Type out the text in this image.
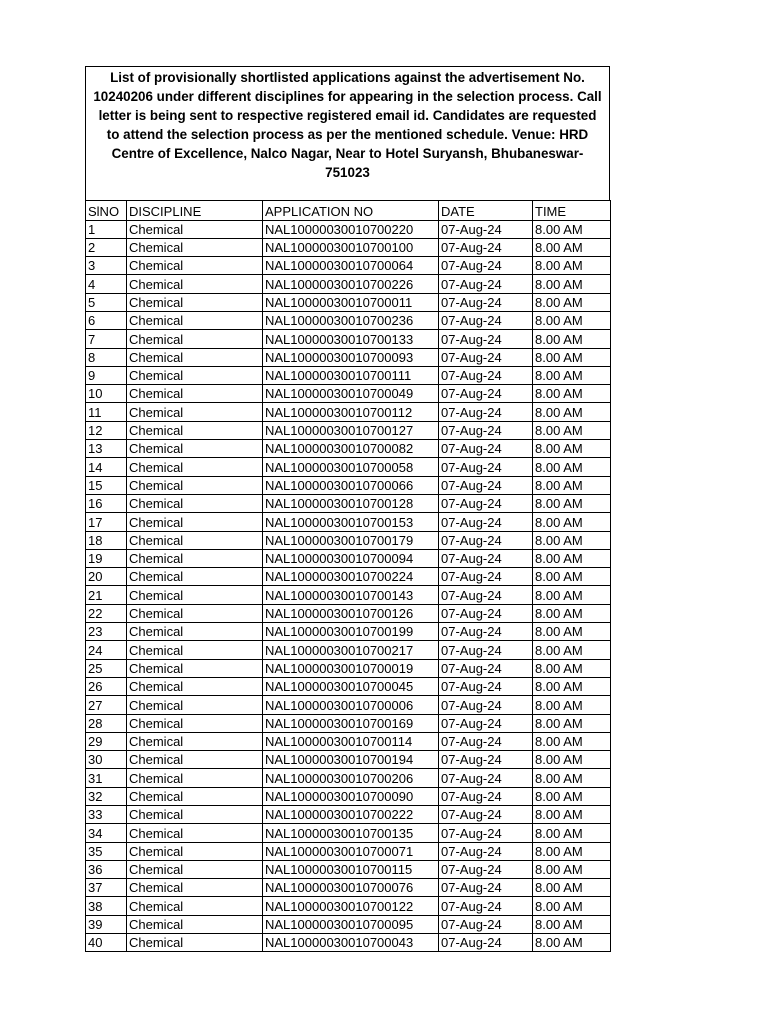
List of provisionally shortlisted applications against the advertisement No. 10240206 under different disciplines for appearing in the selection process. Call letter is being sent to respective registered email id. Candidates are requested to attend the selection process as per the mentioned schedule. Venue: HRD Centre of Excellence, Nalco Nagar, Near to Hotel Suryansh, Bhubaneswar-751023
SlNO	DISCIPLINE	APPLICATION NO	DATE	TIME
1	Chemical	NAL10000030010700220	07-Aug-24	8.00 AM
2	Chemical	NAL10000030010700100	07-Aug-24	8.00 AM
3	Chemical	NAL10000030010700064	07-Aug-24	8.00 AM
4	Chemical	NAL10000030010700226	07-Aug-24	8.00 AM
5	Chemical	NAL10000030010700011	07-Aug-24	8.00 AM
6	Chemical	NAL10000030010700236	07-Aug-24	8.00 AM
7	Chemical	NAL10000030010700133	07-Aug-24	8.00 AM
8	Chemical	NAL10000030010700093	07-Aug-24	8.00 AM
9	Chemical	NAL10000030010700111	07-Aug-24	8.00 AM
10	Chemical	NAL10000030010700049	07-Aug-24	8.00 AM
11	Chemical	NAL10000030010700112	07-Aug-24	8.00 AM
12	Chemical	NAL10000030010700127	07-Aug-24	8.00 AM
13	Chemical	NAL10000030010700082	07-Aug-24	8.00 AM
14	Chemical	NAL10000030010700058	07-Aug-24	8.00 AM
15	Chemical	NAL10000030010700066	07-Aug-24	8.00 AM
16	Chemical	NAL10000030010700128	07-Aug-24	8.00 AM
17	Chemical	NAL10000030010700153	07-Aug-24	8.00 AM
18	Chemical	NAL10000030010700179	07-Aug-24	8.00 AM
19	Chemical	NAL10000030010700094	07-Aug-24	8.00 AM
20	Chemical	NAL10000030010700224	07-Aug-24	8.00 AM
21	Chemical	NAL10000030010700143	07-Aug-24	8.00 AM
22	Chemical	NAL10000030010700126	07-Aug-24	8.00 AM
23	Chemical	NAL10000030010700199	07-Aug-24	8.00 AM
24	Chemical	NAL10000030010700217	07-Aug-24	8.00 AM
25	Chemical	NAL10000030010700019	07-Aug-24	8.00 AM
26	Chemical	NAL10000030010700045	07-Aug-24	8.00 AM
27	Chemical	NAL10000030010700006	07-Aug-24	8.00 AM
28	Chemical	NAL10000030010700169	07-Aug-24	8.00 AM
29	Chemical	NAL10000030010700114	07-Aug-24	8.00 AM
30	Chemical	NAL10000030010700194	07-Aug-24	8.00 AM
31	Chemical	NAL10000030010700206	07-Aug-24	8.00 AM
32	Chemical	NAL10000030010700090	07-Aug-24	8.00 AM
33	Chemical	NAL10000030010700222	07-Aug-24	8.00 AM
34	Chemical	NAL10000030010700135	07-Aug-24	8.00 AM
35	Chemical	NAL10000030010700071	07-Aug-24	8.00 AM
36	Chemical	NAL10000030010700115	07-Aug-24	8.00 AM
37	Chemical	NAL10000030010700076	07-Aug-24	8.00 AM
38	Chemical	NAL10000030010700122	07-Aug-24	8.00 AM
39	Chemical	NAL10000030010700095	07-Aug-24	8.00 AM
40	Chemical	NAL10000030010700043	07-Aug-24	8.00 AM
